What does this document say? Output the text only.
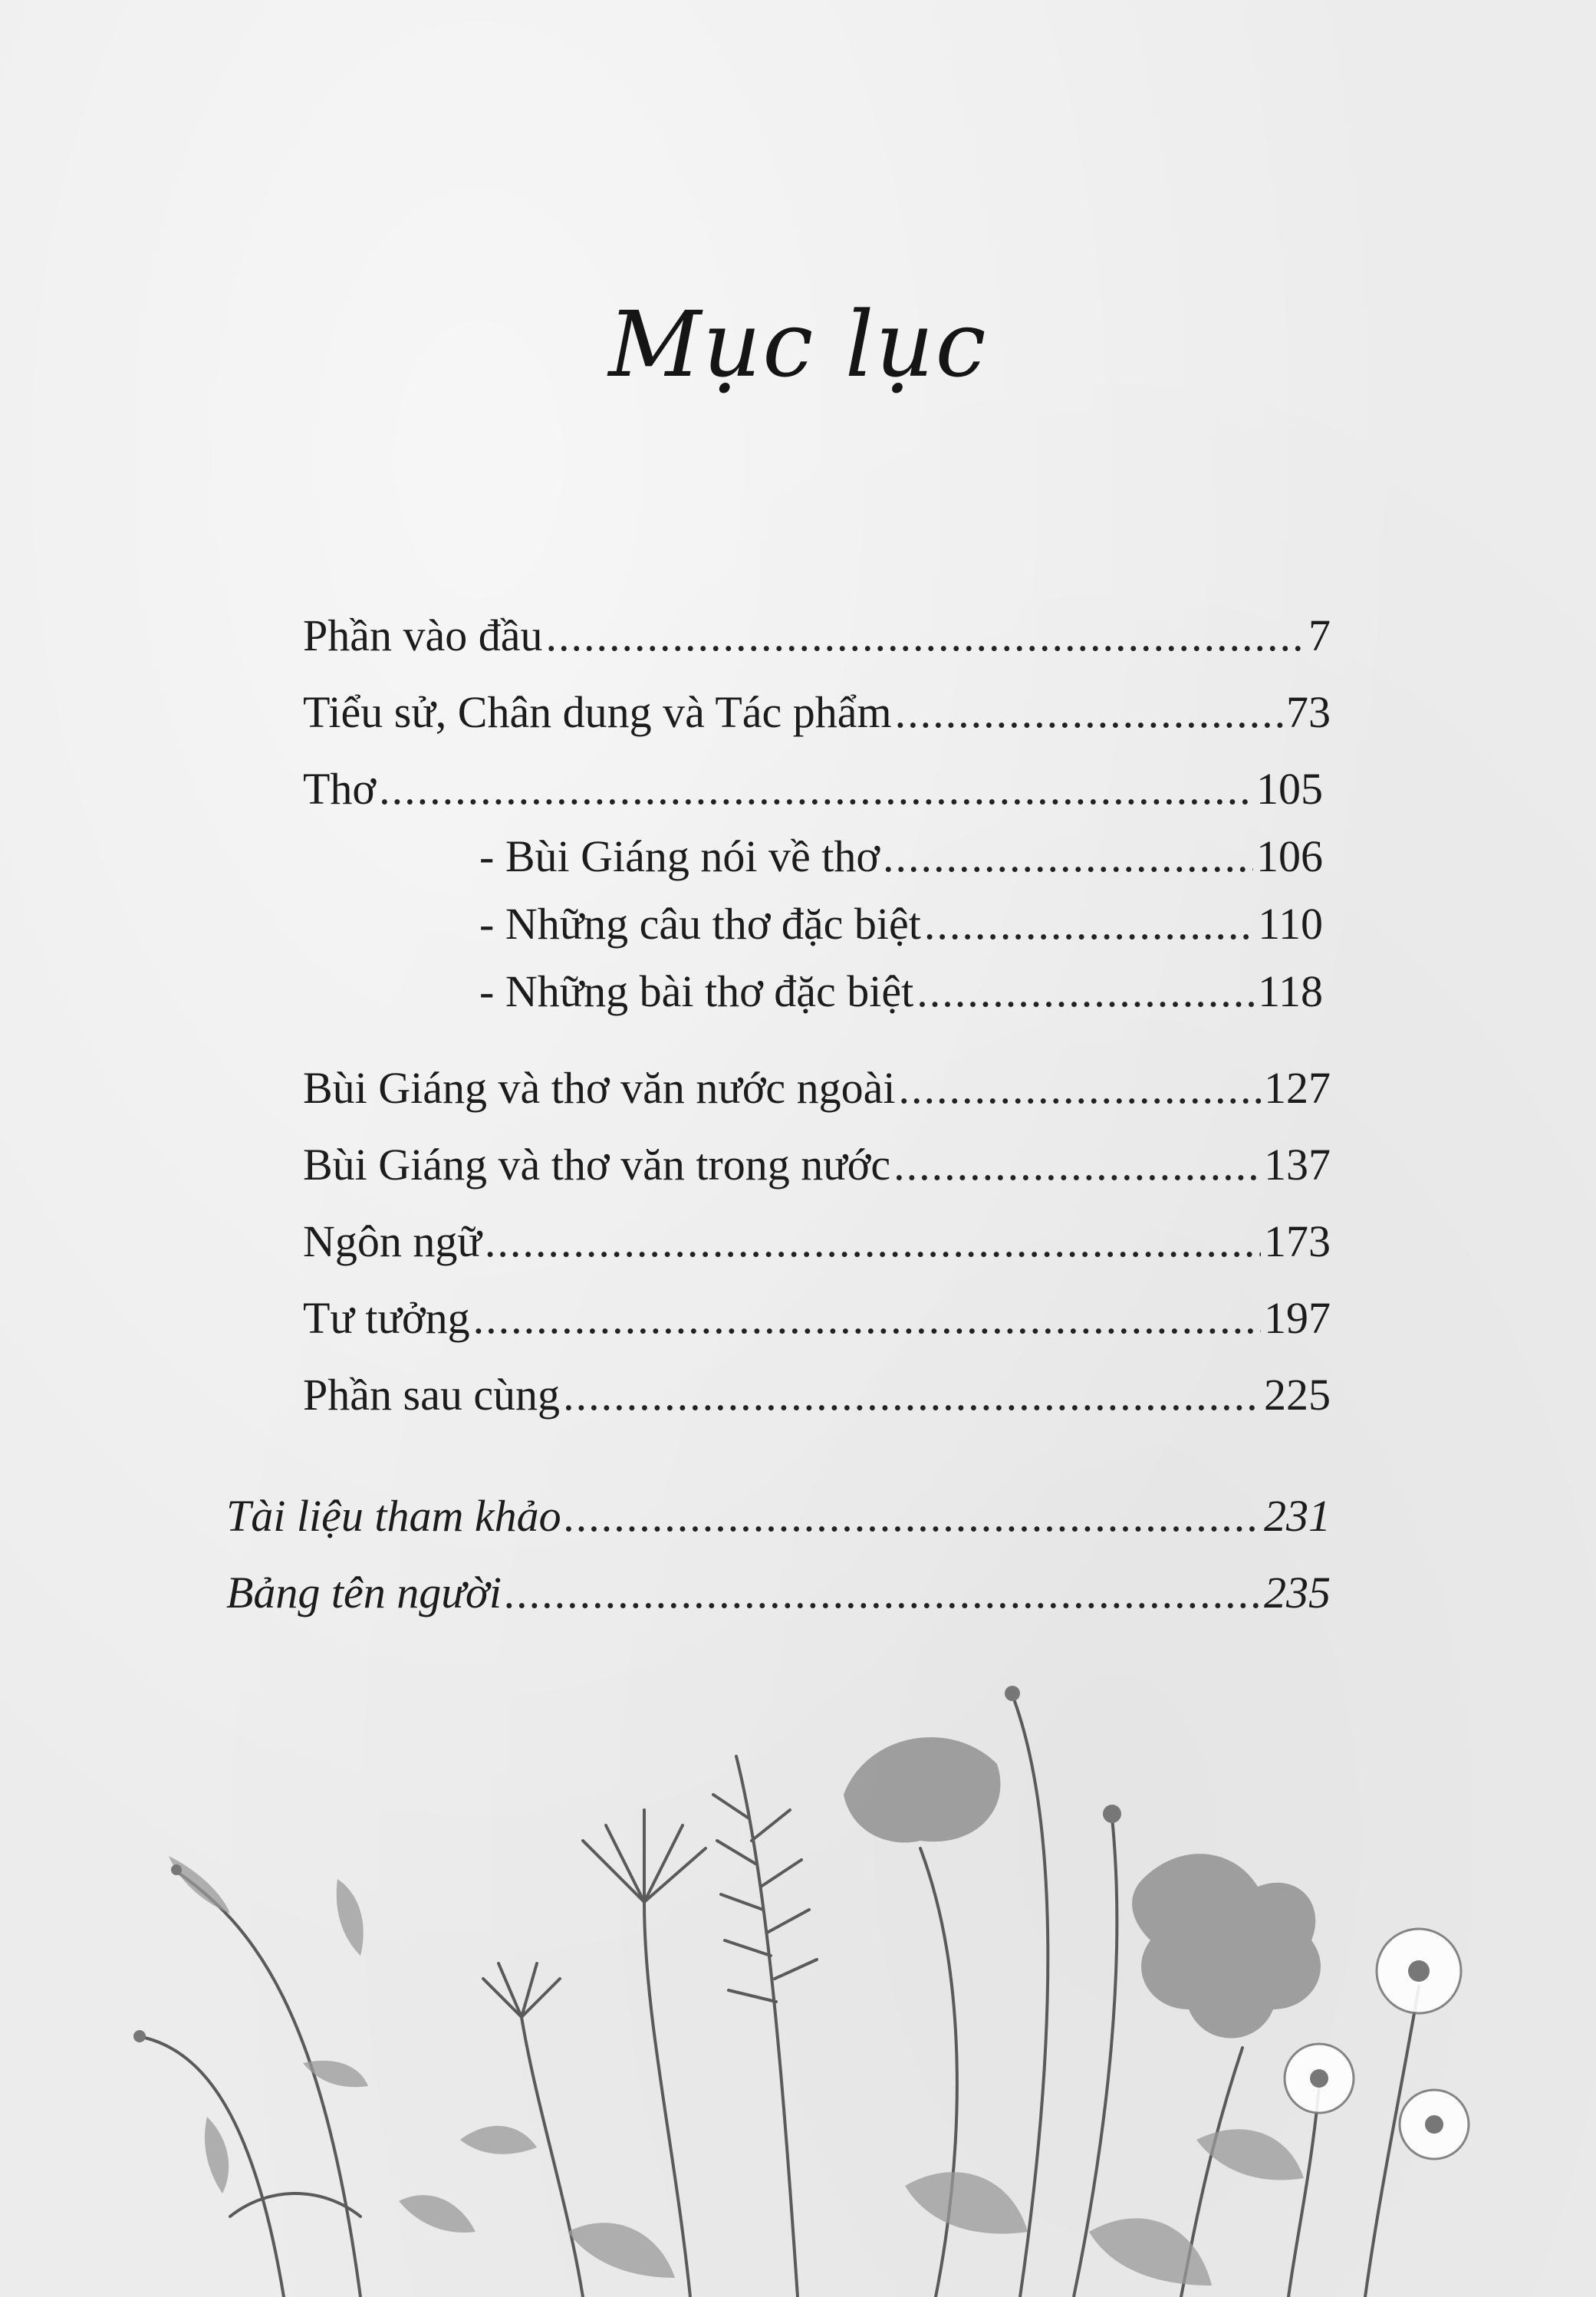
Mục lục
Phần vào đầu .....	7
Tiểu sử, Chân dung và Tác phẩm .....	73
Thơ .....	105
- Bùi Giáng nói về thơ .....	106
- Những câu thơ đặc biệt .....	110
- Những bài thơ đặc biệt .....	118
Bùi Giáng và thơ văn nước ngoài .....	127
Bùi Giáng và thơ văn trong nước .....	137
Ngôn ngữ .....	173
Tư tưởng .....	197
Phần sau cùng .....	225
Tài liệu tham khảo .....	231
Bảng tên người .....	235
